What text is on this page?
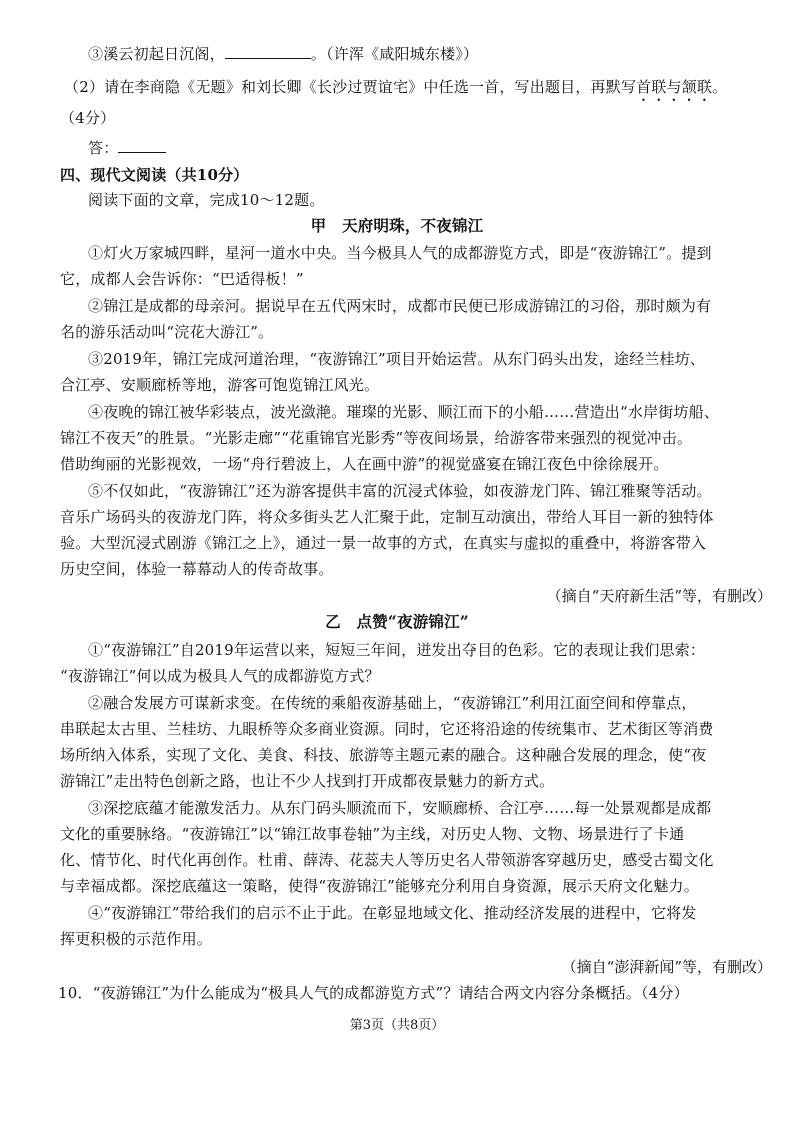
③溪云初起日沉阁，	。（许浑《咸阳城东楼》）
（2）请在李商隐《无题》和刘长卿《长沙过贾谊宅》中任选一首，写出题目，再默写首联与颔联。
（4分）
答：
四、现代文阅读（共10分）
阅读下面的文章，完成10～12题。
甲　天府明珠，不夜锦江
①灯火万家城四畔，星河一道水中央。当今极具人气的成都游览方式，即是“夜游锦江”。提到
它，成都人会告诉你：“巴适得板！”
②锦江是成都的母亲河。据说早在五代两宋时，成都市民便已形成游锦江的习俗，那时颇为有
名的游乐活动叫“浣花大游江”。
③2019年，锦江完成河道治理，“夜游锦江”项目开始运营。从东门码头出发，途经兰桂坊、
合江亭、安顺廊桥等地，游客可饱览锦江风光。
④夜晚的锦江被华彩装点，波光潋滟。璀璨的光影、顺江而下的小船……营造出“水岸街坊船、
锦江不夜天”的胜景。“光影走廊”“花重锦官光影秀”等夜间场景，给游客带来强烈的视觉冲击。
借助绚丽的光影视效，一场“舟行碧波上，人在画中游”的视觉盛宴在锦江夜色中徐徐展开。
⑤不仅如此，“夜游锦江”还为游客提供丰富的沉浸式体验，如夜游龙门阵、锦江雅聚等活动。
音乐广场码头的夜游龙门阵，将众多街头艺人汇聚于此，定制互动演出，带给人耳目一新的独特体
验。大型沉浸式剧游《锦江之上》，通过一景一故事的方式，在真实与虚拟的重叠中，将游客带入
历史空间，体验一幕幕动人的传奇故事。
（摘自“天府新生活”等，有删改）
乙　点赞“夜游锦江”
①“夜游锦江”自2019年运营以来，短短三年间，迸发出夺目的色彩。它的表现让我们思索：
“夜游锦江”何以成为极具人气的成都游览方式？
②融合发展方可谋新求变。在传统的乘船夜游基础上，“夜游锦江”利用江面空间和停靠点，
串联起太古里、兰桂坊、九眼桥等众多商业资源。同时，它还将沿途的传统集市、艺术街区等消费
场所纳入体系，实现了文化、美食、科技、旅游等主题元素的融合。这种融合发展的理念，使“夜
游锦江”走出特色创新之路，也让不少人找到打开成都夜景魅力的新方式。
③深挖底蕴才能激发活力。从东门码头顺流而下，安顺廊桥、合江亭……每一处景观都是成都
文化的重要脉络。“夜游锦江”以“锦江故事卷轴”为主线，对历史人物、文物、场景进行了卡通
化、情节化、时代化再创作。杜甫、薛涛、花蕊夫人等历史名人带领游客穿越历史，感受古蜀文化
与幸福成都。深挖底蕴这一策略，使得“夜游锦江”能够充分利用自身资源，展示天府文化魅力。
④“夜游锦江”带给我们的启示不止于此。在彰显地域文化、推动经济发展的进程中，它将发
挥更积极的示范作用。
（摘自“澎湃新闻”等，有删改）
10．“夜游锦江”为什么能成为“极具人气的成都游览方式”？请结合两文内容分条概括。（4分）
第3页（共8页）
